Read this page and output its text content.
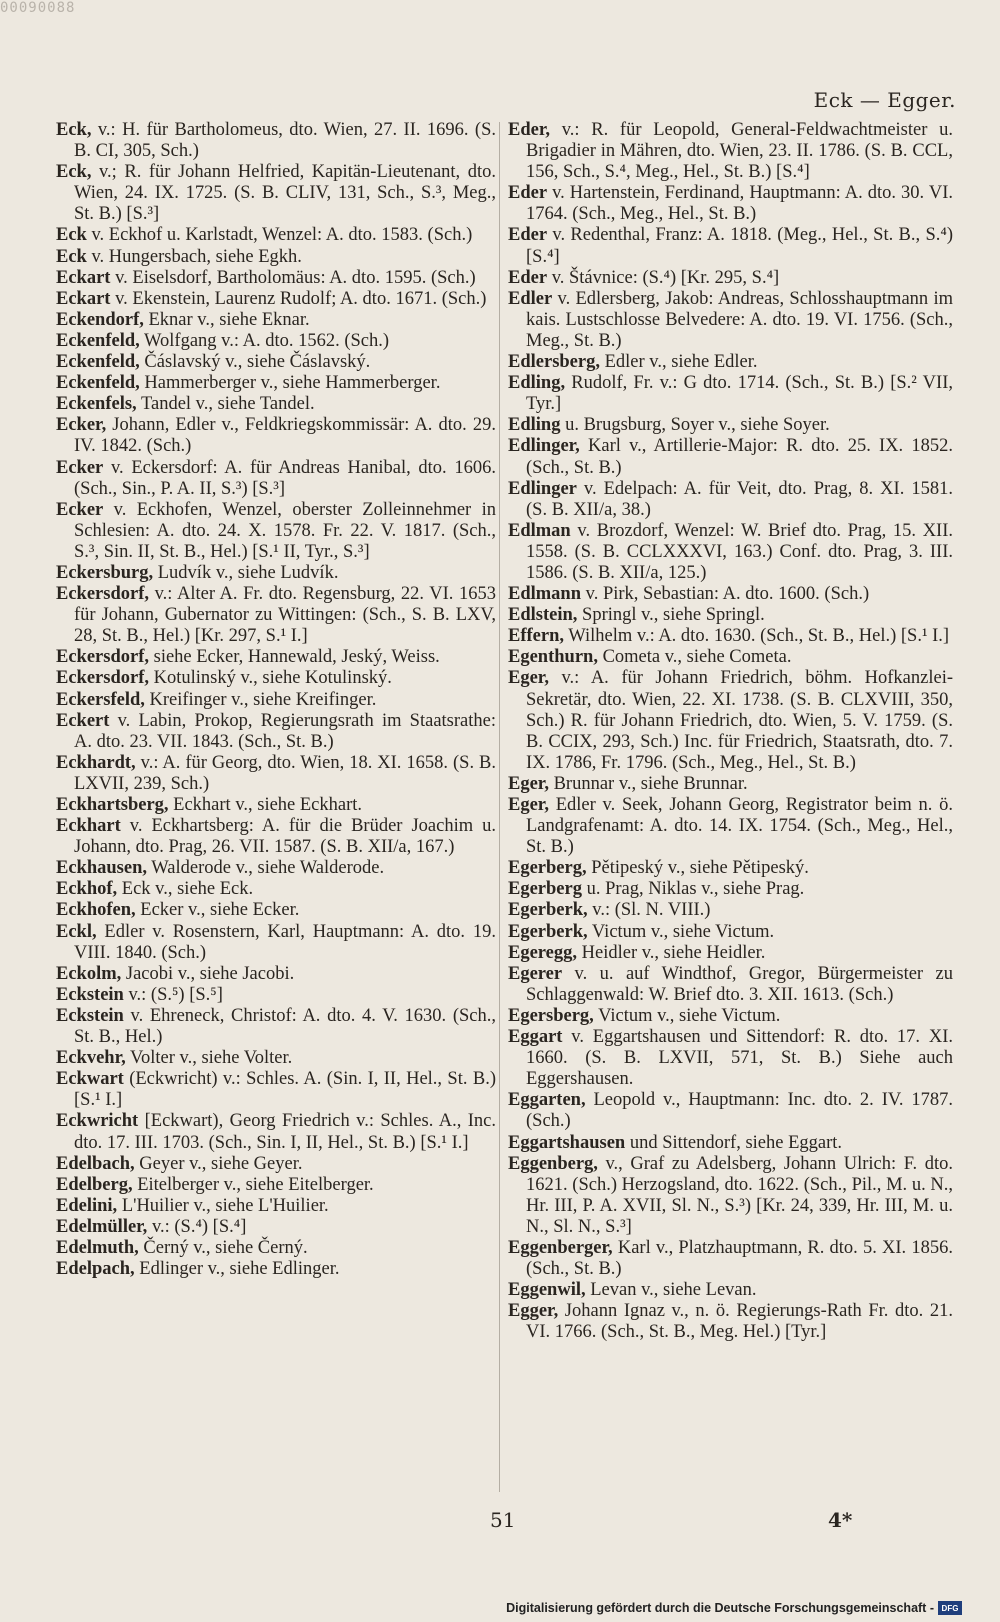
00090088
Eck — Egger.

Eck, v.: H. für Bartholomeus, dto. Wien, 27. II. 1696. (S. B. CI, 305, Sch.)

Eck, v.; R. für Johann Helfried, Kapitän-Lieutenant, dto. Wien, 24. IX. 1725. (S. B. CLIV, 131, Sch., S.³, Meg., St. B.) [S.³]

Eck v. Eckhof u. Karlstadt, Wenzel: A. dto. 1583. (Sch.)

Eck v. Hungersbach, siehe Egkh.

Eckart v. Eiselsdorf, Bartholomäus: A. dto. 1595. (Sch.)

Eckart v. Ekenstein, Laurenz Rudolf; A. dto. 1671. (Sch.)

Eckendorf, Eknar v., siehe Eknar.

Eckenfeld, Wolfgang v.: A. dto. 1562. (Sch.)

Eckenfeld, Čáslavský v., siehe Čáslavský.

Eckenfeld, Hammerberger v., siehe Hammerberger.

Eckenfels, Tandel v., siehe Tandel.

Ecker, Johann, Edler v., Feldkriegskommissär: A. dto. 29. IV. 1842. (Sch.)

Ecker v. Eckersdorf: A. für Andreas Hanibal, dto. 1606. (Sch., Sin., P. A. II, S.³) [S.³]

Ecker v. Eckhofen, Wenzel, oberster Zolleinnehmer in Schlesien: A. dto. 24. X. 1578. Fr. 22. V. 1817. (Sch., S.³, Sin. II, St. B., Hel.) [S.¹ II, Tyr., S.³]

Eckersburg, Ludvík v., siehe Ludvík.

Eckersdorf, v.: Alter A. Fr. dto. Regensburg, 22. VI. 1653 für Johann, Gubernator zu Wittingen: (Sch., S. B. LXV, 28, St. B., Hel.) [Kr. 297, S.¹ I.]

Eckersdorf, siehe Ecker, Hannewald, Jeský, Weiss.

Eckersdorf, Kotulinský v., siehe Kotulinský.

Eckersfeld, Kreifinger v., siehe Kreifinger.

Eckert v. Labin, Prokop, Regierungsrath im Staatsrathe: A. dto. 23. VII. 1843. (Sch., St. B.)

Eckhardt, v.: A. für Georg, dto. Wien, 18. XI. 1658. (S. B. LXVII, 239, Sch.)

Eckhartsberg, Eckhart v., siehe Eckhart.

Eckhart v. Eckhartsberg: A. für die Brüder Joachim u. Johann, dto. Prag, 26. VII. 1587. (S. B. XII/a, 167.)

Eckhausen, Walderode v., siehe Walderode.

Eckhof, Eck v., siehe Eck.

Eckhofen, Ecker v., siehe Ecker.

Eckl, Edler v. Rosenstern, Karl, Hauptmann: A. dto. 19. VIII. 1840. (Sch.)

Eckolm, Jacobi v., siehe Jacobi.

Eckstein v.: (S.⁵) [S.⁵]

Eckstein v. Ehreneck, Christof: A. dto. 4. V. 1630. (Sch., St. B., Hel.)

Eckvehr, Volter v., siehe Volter.

Eckwart (Eckwricht) v.: Schles. A. (Sin. I, II, Hel., St. B.) [S.¹ I.]

Eckwricht [Eckwart), Georg Friedrich v.: Schles. A., Inc. dto. 17. III. 1703. (Sch., Sin. I, II, Hel., St. B.) [S.¹ I.]

Edelbach, Geyer v., siehe Geyer.

Edelberg, Eitelberger v., siehe Eitelberger.

Edelini, L'Huilier v., siehe L'Huilier.

Edelmüller, v.: (S.⁴) [S.⁴]

Edelmuth, Černý v., siehe Černý.

Edelpach, Edlinger v., siehe Edlinger.

Eder, v.: R. für Leopold, General-Feldwachtmeister u. Brigadier in Mähren, dto. Wien, 23. II. 1786. (S. B. CCL, 156, Sch., S.⁴, Meg., Hel., St. B.) [S.⁴]

Eder v. Hartenstein, Ferdinand, Hauptmann: A. dto. 30. VI. 1764. (Sch., Meg., Hel., St. B.)

Eder v. Redenthal, Franz: A. 1818. (Meg., Hel., St. B., S.⁴) [S.⁴]

Eder v. Štávnice: (S.⁴) [Kr. 295, S.⁴]

Edler v. Edlersberg, Jakob: Andreas, Schlosshauptmann im kais. Lustschlosse Belvedere: A. dto. 19. VI. 1756. (Sch., Meg., St. B.)

Edlersberg, Edler v., siehe Edler.

Edling, Rudolf, Fr. v.: G dto. 1714. (Sch., St. B.) [S.² VII, Tyr.]

Edling u. Brugsburg, Soyer v., siehe Soyer.

Edlinger, Karl v., Artillerie-Major: R. dto. 25. IX. 1852. (Sch., St. B.)

Edlinger v. Edelpach: A. für Veit, dto. Prag, 8. XI. 1581. (S. B. XII/a, 38.)

Edlman v. Brozdorf, Wenzel: W. Brief dto. Prag, 15. XII. 1558. (S. B. CCLXXXVI, 163.) Conf. dto. Prag, 3. III. 1586. (S. B. XII/a, 125.)

Edlmann v. Pirk, Sebastian: A. dto. 1600. (Sch.)

Edlstein, Springl v., siehe Springl.

Effern, Wilhelm v.: A. dto. 1630. (Sch., St. B., Hel.) [S.¹ I.]

Egenthurn, Cometa v., siehe Cometa.

Eger, v.: A. für Johann Friedrich, böhm. Hofkanzlei-Sekretär, dto. Wien, 22. XI. 1738. (S. B. CLXVIII, 350, Sch.) R. für Johann Friedrich, dto. Wien, 5. V. 1759. (S. B. CCIX, 293, Sch.) Inc. für Friedrich, Staatsrath, dto. 7. IX. 1786, Fr. 1796. (Sch., Meg., Hel., St. B.)

Eger, Brunnar v., siehe Brunnar.

Eger, Edler v. Seek, Johann Georg, Registrator beim n. ö. Landgrafenamt: A. dto. 14. IX. 1754. (Sch., Meg., Hel., St. B.)

Egerberg, Pětipeský v., siehe Pětipeský.

Egerberg u. Prag, Niklas v., siehe Prag.

Egerberk, v.: (Sl. N. VIII.)

Egerberk, Victum v., siehe Victum.

Egeregg, Heidler v., siehe Heidler.

Egerer v. u. auf Windthof, Gregor, Bürgermeister zu Schlaggenwald: W. Brief dto. 3. XII. 1613. (Sch.)

Egersberg, Victum v., siehe Victum.

Eggart v. Eggartshausen und Sittendorf: R. dto. 17. XI. 1660. (S. B. LXVII, 571, St. B.) Siehe auch Eggershausen.

Eggarten, Leopold v., Hauptmann: Inc. dto. 2. IV. 1787. (Sch.)

Eggartshausen und Sittendorf, siehe Eggart.

Eggenberg, v., Graf zu Adelsberg, Johann Ulrich: F. dto. 1621. (Sch.) Herzogsland, dto. 1622. (Sch., Pil., M. u. N., Hr. III, P. A. XVII, Sl. N., S.³) [Kr. 24, 339, Hr. III, M. u. N., Sl. N., S.³]

Eggenberger, Karl v., Platzhauptmann, R. dto. 5. XI. 1856. (Sch., St. B.)

Eggenwil, Levan v., siehe Levan.

Egger, Johann Ignaz v., n. ö. Regierungs-Rath Fr. dto. 21. VI. 1766. (Sch., St. B., Meg. Hel.) [Tyr.]

51	4*
Digitalisierung gefördert durch die Deutsche Forschungsgemeinschaft - DFG
